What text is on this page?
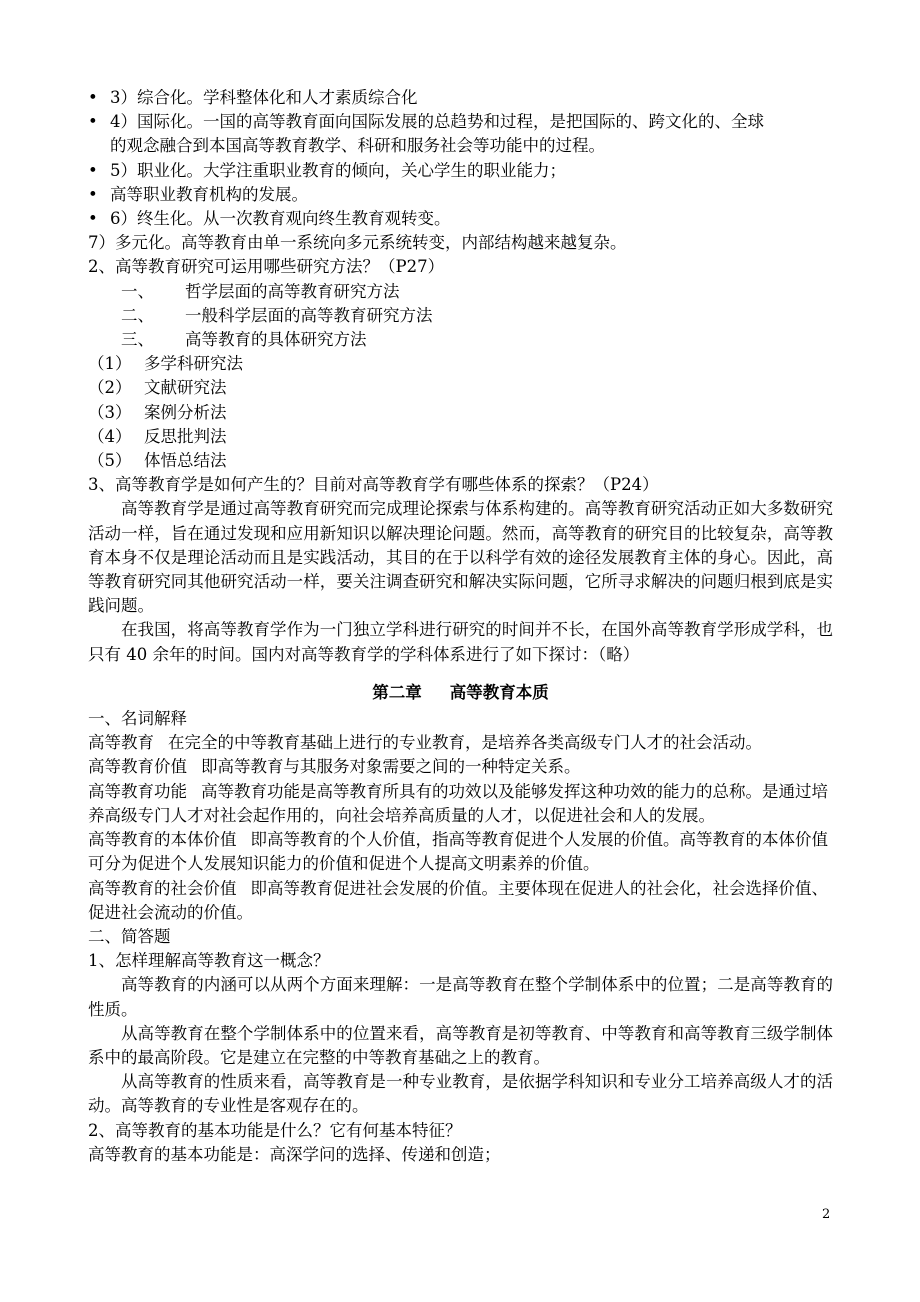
• 3）综合化。学科整体化和人才素质综合化
• 4）国际化。一国的高等教育面向国际发展的总趋势和过程，是把国际的、跨文化的、全球
的观念融合到本国高等教育教学、科研和服务社会等功能中的过程。
• 5）职业化。大学注重职业教育的倾向，关心学生的职业能力；
• 高等职业教育机构的发展。
• 6）终生化。从一次教育观向终生教育观转变。
7）多元化。高等教育由单一系统向多元系统转变，内部结构越来越复杂。
2、高等教育研究可运用哪些研究方法？（P27）
一、 哲学层面的高等教育研究方法
二、 一般科学层面的高等教育研究方法
三、 高等教育的具体研究方法
（1） 多学科研究法
（2） 文献研究法
（3） 案例分析法
（4） 反思批判法
（5） 体悟总结法
3、高等教育学是如何产生的？目前对高等教育学有哪些体系的探索？（P24）
高等教育学是通过高等教育研究而完成理论探索与体系构建的。高等教育研究活动正如大多数研究活动一样，旨在通过发现和应用新知识以解决理论问题。然而，高等教育的研究目的比较复杂，高等教育本身不仅是理论活动而且是实践活动，其目的在于以科学有效的途径发展教育主体的身心。因此，高等教育研究同其他研究活动一样，要关注调查研究和解决实际问题，它所寻求解决的问题归根到底是实践问题。
在我国，将高等教育学作为一门独立学科进行研究的时间并不长，在国外高等教育学形成学科，也只有 40 余年的时间。国内对高等教育学的学科体系进行了如下探讨：（略）
第二章 高等教育本质
一、名词解释
高等教育 在完全的中等教育基础上进行的专业教育，是培养各类高级专门人才的社会活动。
高等教育价值 即高等教育与其服务对象需要之间的一种特定关系。
高等教育功能 高等教育功能是高等教育所具有的功效以及能够发挥这种功效的能力的总称。是通过培养高级专门人才对社会起作用的，向社会培养高质量的人才，以促进社会和人的发展。
高等教育的本体价值 即高等教育的个人价值，指高等教育促进个人发展的价值。高等教育的本体价值可分为促进个人发展知识能力的价值和促进个人提高文明素养的价值。
高等教育的社会价值 即高等教育促进社会发展的价值。主要体现在促进人的社会化，社会选择价值、促进社会流动的价值。
二、简答题
1、怎样理解高等教育这一概念？
高等教育的内涵可以从两个方面来理解：一是高等教育在整个学制体系中的位置；二是高等教育的性质。
从高等教育在整个学制体系中的位置来看，高等教育是初等教育、中等教育和高等教育三级学制体系中的最高阶段。它是建立在完整的中等教育基础之上的教育。
从高等教育的性质来看，高等教育是一种专业教育，是依据学科知识和专业分工培养高级人才的活动。高等教育的专业性是客观存在的。
2、高等教育的基本功能是什么？它有何基本特征？
高等教育的基本功能是：高深学问的选择、传递和创造；
2
